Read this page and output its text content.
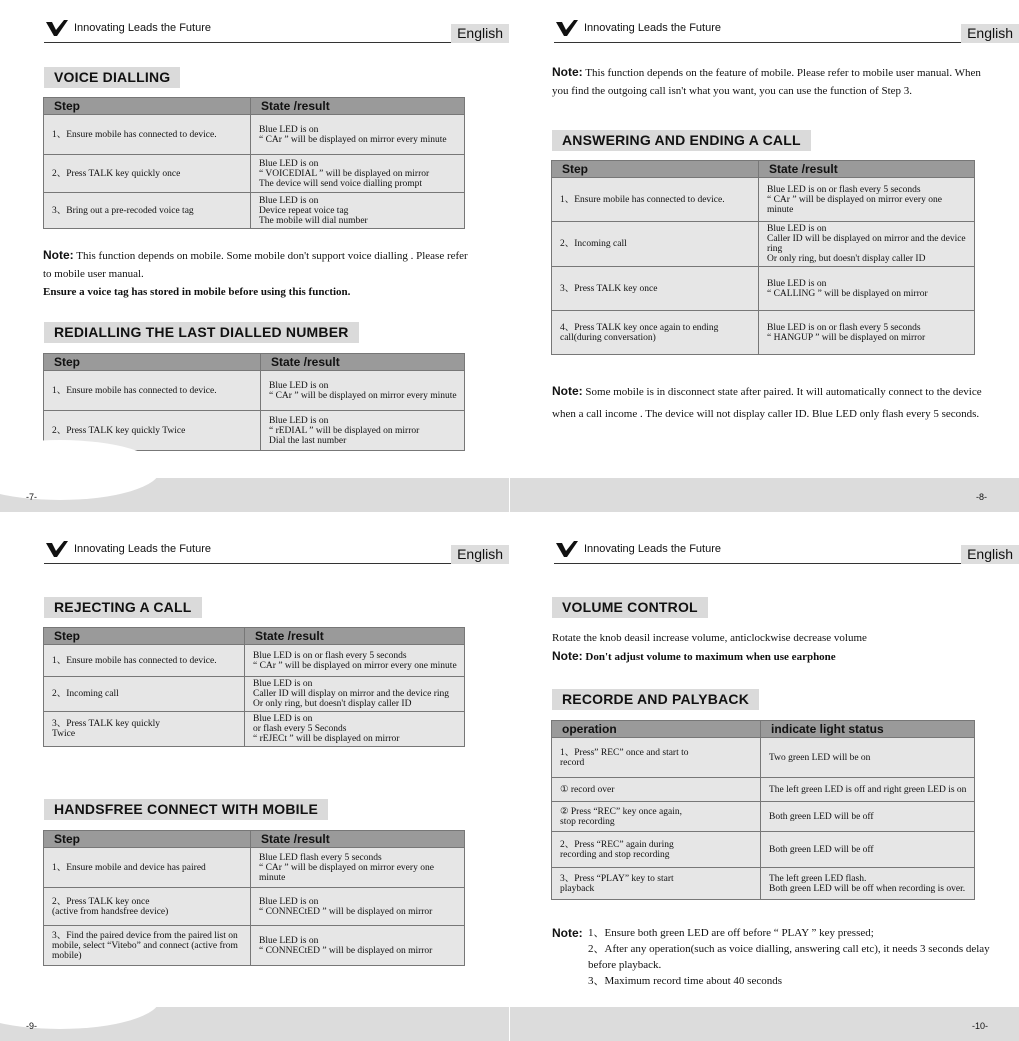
Innovating Leads the Future	English
VOICE DIALLING
Step	State /result
1、Ensure mobile has connected to device.	Blue LED is on
“ CAr ” will be displayed on mirror every minute
2、Press TALK key quickly once	Blue LED is on
“ VOICEDIAL ” will be displayed on mirror
The device will send voice dialling prompt
3、Bring out a pre-recoded voice tag	Blue LED is on
Device repeat voice tag
The mobile will dial number
Note: This function depends on mobile. Some mobile don't support voice dialling . Please refer to mobile user manual.
Ensure a voice tag has stored in mobile before using this function.
REDIALLING THE LAST DIALLED NUMBER
Step	State /result
1、Ensure mobile has connected to device.	Blue LED is on
“ CAr ” will be displayed on mirror every minute
2、Press TALK key quickly Twice	Blue LED is on
“ rEDIAL ” will be displayed on mirror
Dial the last number
-7-
Innovating Leads the Future	English
Note: This function depends on the feature of mobile. Please refer to mobile user manual. When you find the outgoing call isn't what you want, you can use the function of Step 3.
ANSWERING AND ENDING A CALL
Step	State /result
1、Ensure mobile has connected to device.	Blue LED is on or flash every 5 seconds
“ CAr ” will be displayed on mirror every one minute
2、Incoming call	Blue LED is on
Caller ID will be displayed on mirror and the device ring
Or only ring, but doesn't display caller ID
3、Press TALK key once	Blue LED is on
“ CALLING ” will be displayed on mirror
4、Press TALK key once again to ending call(during conversation)	Blue LED is on or flash every 5 seconds
“ HANGUP ” will be displayed on mirror
Note: Some mobile is in disconnect state after paired. It will automatically connect to the device when a call income . The device will not display caller ID. Blue LED only flash every 5 seconds.
-8-
Innovating Leads the Future	English
REJECTING A CALL
Step	State /result
1、Ensure mobile has connected to device.	Blue LED is on or flash every 5 seconds
“ CAr ” will be displayed on mirror every one minute
2、Incoming call	Blue LED is on
Caller ID will display on mirror and the device ring
Or only ring, but doesn't display caller ID
3、Press TALK key quickly
Twice	Blue LED is on
or flash every 5 Seconds
“ rEJECt ” will be displayed on mirror
HANDSFREE CONNECT WITH MOBILE
Step	State /result
1、Ensure mobile and device has paired	Blue LED flash every 5 seconds
“ CAr ” will be displayed on mirror every one minute
2、Press TALK key once
(active from handsfree device)	Blue LED is on
“ CONNECtED ” will be displayed on mirror
3、Find the paired device from the paired list on mobile, select “Vitebo” and connect (active from mobile)	Blue LED is on
“ CONNECtED ” will be displayed on mirror
-9-
Innovating Leads the Future	English
VOLUME CONTROL
Rotate the knob deasil increase volume, anticlockwise decrease volume
Note: Don't adjust volume to maximum when use earphone
RECORDE AND PALYBACK
operation	indicate light status
1、Press” REC” once and start to
record	Two green LED will be on
① record over	The left green LED is off and right green LED is on
② Press “REC” key once again,
stop recording	Both green LED will be off
2、Press “REC” again during
recording and stop recording	Both green LED will be off
3、Press “PLAY” key to start
playback	The left green LED flash.
Both green LED will be off when recording is over.
Note: 1、Ensure both green LED are off before “ PLAY ” key pressed;
2、After any operation(such as voice dialling, answering call etc), it needs 3 seconds delay before playback.
3、Maximum record time about 40 seconds
-10-
